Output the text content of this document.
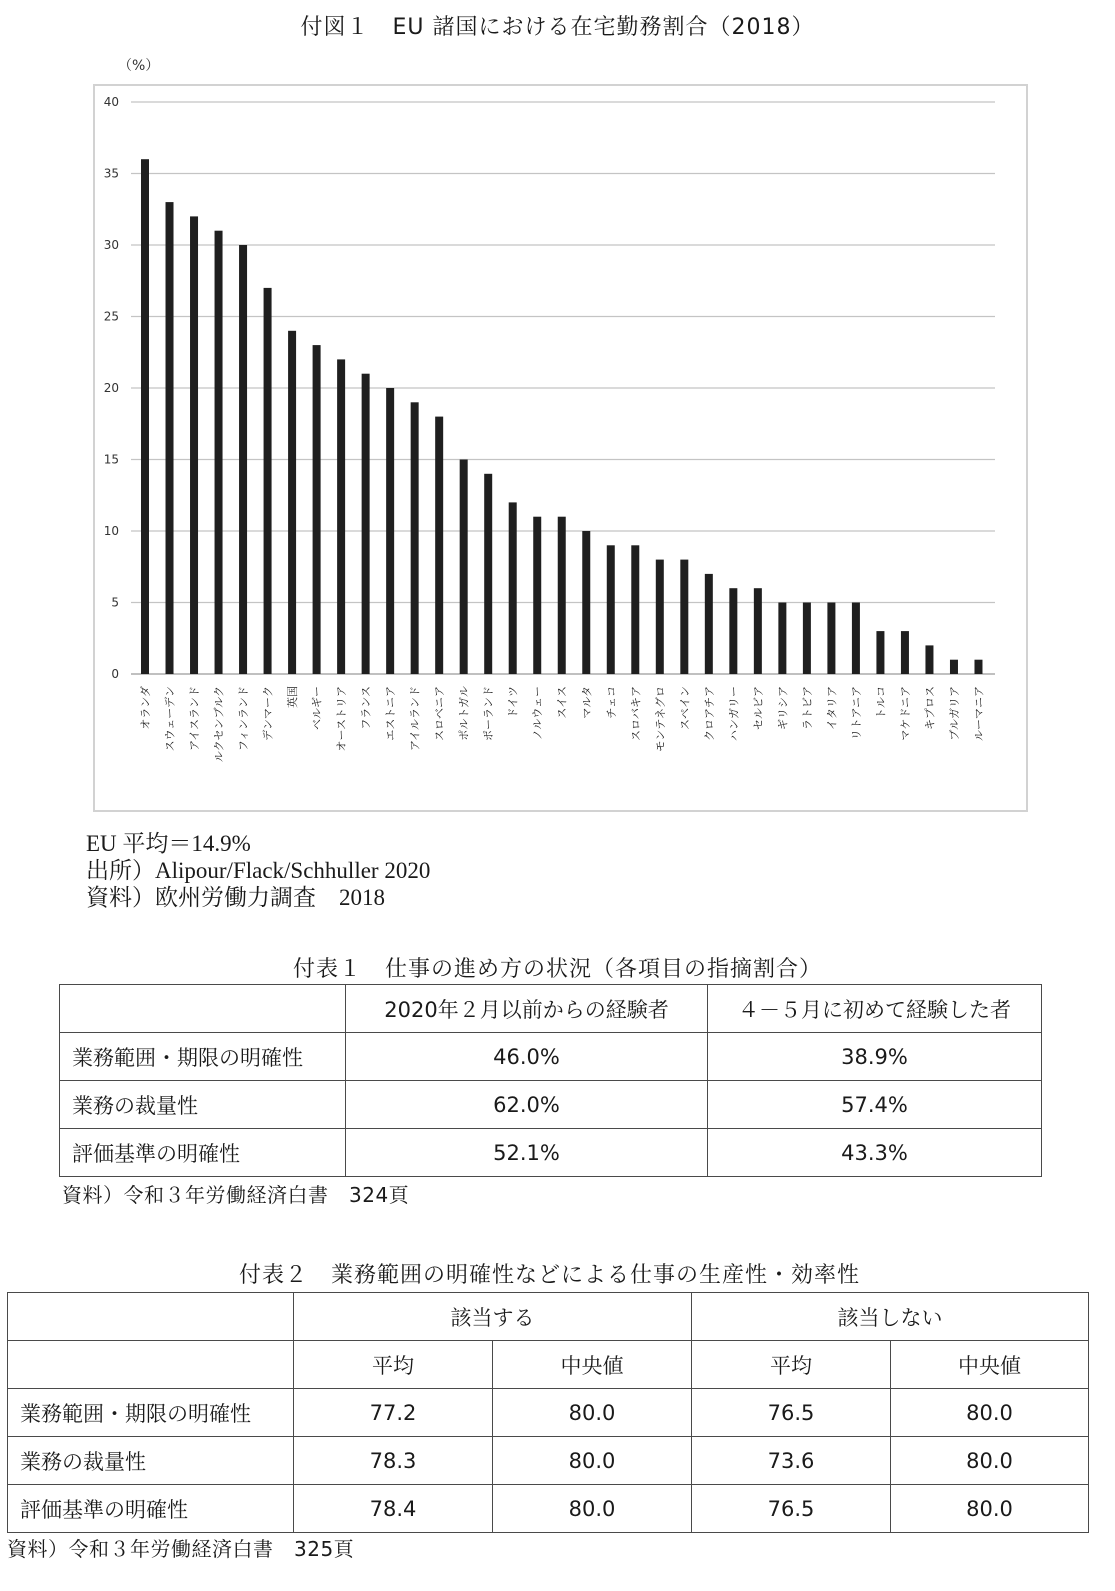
付図１　EU 諸国における在宅勤務割合（2018）
（%）
0
5
10
15
20
25
30
35
40
オランダ スウェーデン アイスランド ルクセンブルク フィンランド デンマーク 英国 ベルギー オーストリア フランス エストニア アイルランド スロベニア ポルトガル ポーランド ドイツ ノルウェー スイス マルタ チェコ スロバキア モンテネグロ スペイン クロアチア ハンガリー セルビア ギリシア ラトビア イタリア リトアニア トルコ マケドニア キプロス ブルガリア ルーマニア
EU 平均＝14.9%
出所）Alipour/Flack/Schhuller 2020
資料）欧州労働力調査　2018
付表１　仕事の進め方の状況（各項目の指摘割合）
	2020年２月以前からの経験者	４－５月に初めて経験した者
業務範囲・期限の明確性	46.0%	38.9%
業務の裁量性	62.0%	57.4%
評価基準の明確性	52.1%	43.3%
資料）令和３年労働経済白書　324頁
付表２　業務範囲の明確性などによる仕事の生産性・効率性
	該当する		該当しない	
	平均	中央値	平均	中央値
業務範囲・期限の明確性	77.2	80.0	76.5	80.0
業務の裁量性	78.3	80.0	73.6	80.0
評価基準の明確性	78.4	80.0	76.5	80.0
資料）令和３年労働経済白書　325頁
